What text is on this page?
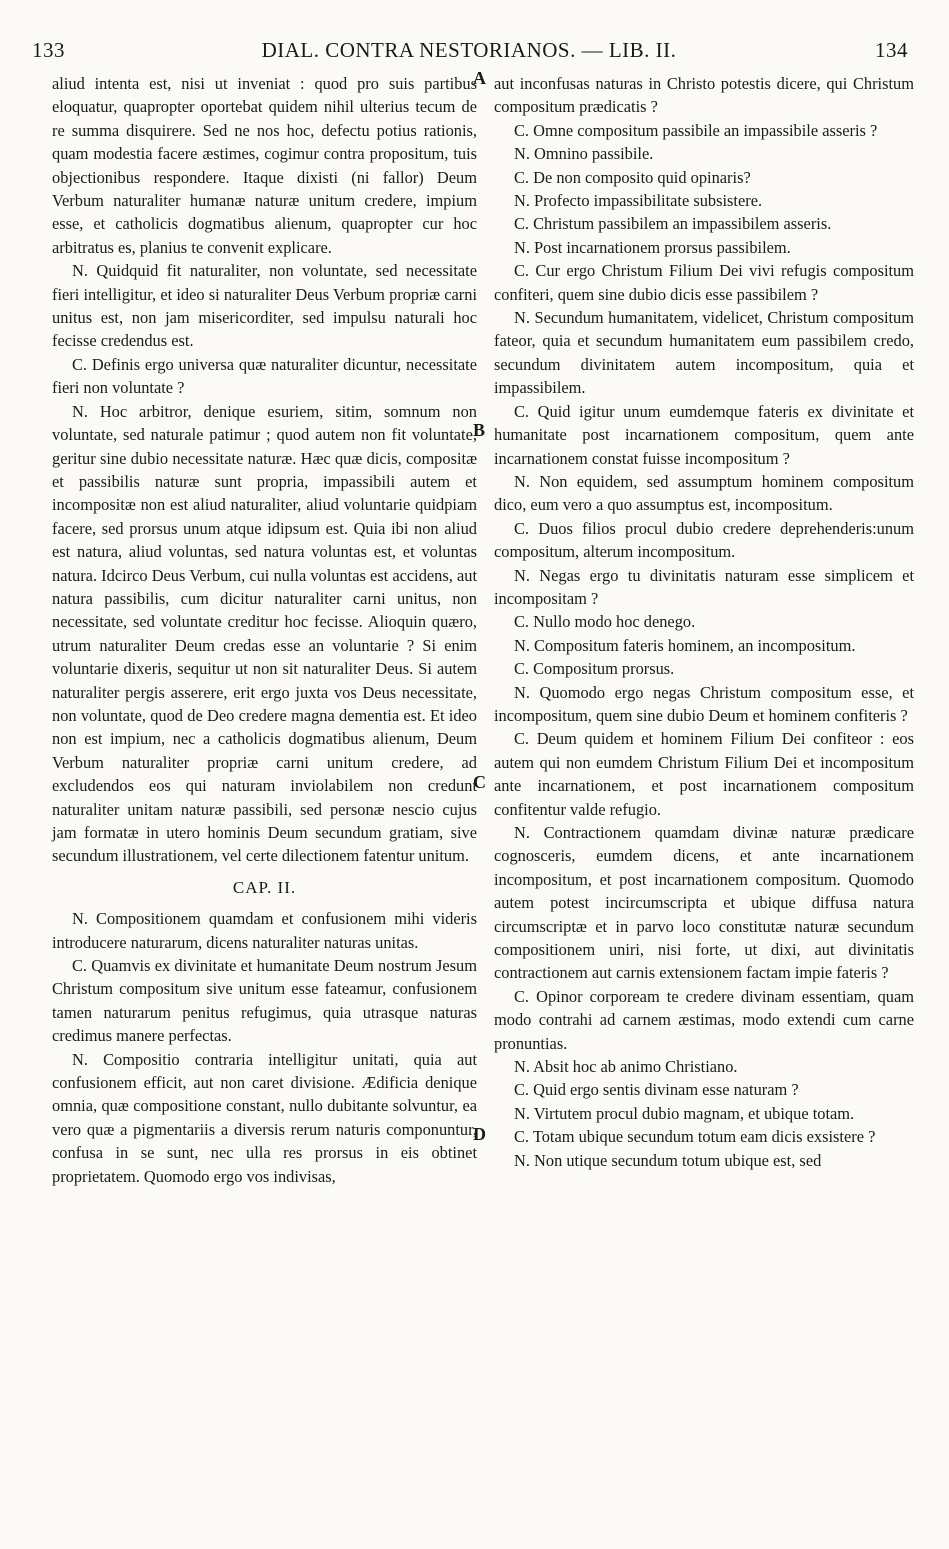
133	DIAL. CONTRA NESTORIANOS. — LIB. II.	134
A
B
C
D

aliud intenta est, nisi ut inveniat : quod pro suis partibus eloquatur, quapropter oportebat quidem nihil ulterius tecum de re summa disquirere. Sed ne nos hoc, defectu potius rationis, quam modestia facere æstimes, cogimur contra propositum, tuis objectionibus respondere. Itaque dixisti (ni fallor) Deum Verbum naturaliter humanæ naturæ unitum credere, impium esse, et catholicis dogmatibus alienum, quapropter cur hoc arbitratus es, planius te convenit explicare.

N. Quidquid fit naturaliter, non voluntate, sed necessitate fieri intelligitur, et ideo si naturaliter Deus Verbum propriæ carni unitus est, non jam misericorditer, sed impulsu naturali hoc fecisse credendus est.

C. Definis ergo universa quæ naturaliter dicuntur, necessitate fieri non voluntate ?

N. Hoc arbitror, denique esuriem, sitim, somnum non voluntate, sed naturale patimur ; quod autem non fit voluntate, geritur sine dubio necessitate naturæ. Hæc quæ dicis, compositæ et passibilis naturæ sunt propria, impassibili autem et incompositæ non est aliud naturaliter, aliud voluntarie quidpiam facere, sed prorsus unum atque idipsum est. Quia ibi non aliud est natura, aliud voluntas, sed natura voluntas est, et voluntas natura. Idcirco Deus Verbum, cui nulla voluntas est accidens, aut natura passibilis, cum dicitur naturaliter carni unitus, non necessitate, sed voluntate creditur hoc fecisse. Alioquin quæro, utrum naturaliter Deum credas esse an voluntarie ? Si enim voluntarie dixeris, sequitur ut non sit naturaliter Deus. Si autem naturaliter pergis asserere, erit ergo juxta vos Deus necessitate, non voluntate, quod de Deo credere magna dementia est. Et ideo non est impium, nec a catholicis dogmatibus alienum, Deum Verbum naturaliter propriæ carni unitum credere, ad excludendos eos qui naturam inviolabilem non credunt naturaliter unitam naturæ passibili, sed personæ nescio cujus jam formatæ in utero hominis Deum secundum gratiam, sive secundum illustrationem, vel certe dilectionem fatentur unitum.

CAP. II.

N. Compositionem quamdam et confusionem mihi videris introducere naturarum, dicens naturaliter naturas unitas.

C. Quamvis ex divinitate et humanitate Deum nostrum Jesum Christum compositum sive unitum esse fateamur, confusionem tamen naturarum penitus refugimus, quia utrasque naturas credimus manere perfectas.

N. Compositio contraria intelligitur unitati, quia aut confusionem efficit, aut non caret divisione. Ædificia denique omnia, quæ compositione constant, nullo dubitante solvuntur, ea vero quæ a pigmentariis a diversis rerum naturis componuntur, confusa in se sunt, nec ulla res prorsus in eis obtinet proprietatem. Quomodo ergo vos indivisas,

aut inconfusas naturas in Christo potestis dicere, qui Christum compositum prædicatis ?

C. Omne compositum passibile an impassibile asseris ?

N. Omnino passibile.

C. De non composito quid opinaris?

N. Profecto impassibilitate subsistere.

C. Christum passibilem an impassibilem asseris.

N. Post incarnationem prorsus passibilem.

C. Cur ergo Christum Filium Dei vivi refugis compositum confiteri, quem sine dubio dicis esse passibilem ?

N. Secundum humanitatem, videlicet, Christum compositum fateor, quia et secundum humanitatem eum passibilem credo, secundum divinitatem autem incompositum, quia et impassibilem.

C. Quid igitur unum eumdemque fateris ex divinitate et humanitate post incarnationem compositum, quem ante incarnationem constat fuisse incompositum ?

N. Non equidem, sed assumptum hominem compositum dico, eum vero a quo assumptus est, incompositum.

C. Duos filios procul dubio credere deprehenderis:unum compositum, alterum incompositum.

N. Negas ergo tu divinitatis naturam esse simplicem et incompositam ?

C. Nullo modo hoc denego.

N. Compositum fateris hominem, an incompositum.

C. Compositum prorsus.

N. Quomodo ergo negas Christum compositum esse, et incompositum, quem sine dubio Deum et hominem confiteris ?

C. Deum quidem et hominem Filium Dei confiteor : eos autem qui non eumdem Christum Filium Dei et incompositum ante incarnationem, et post incarnationem compositum confitentur valde refugio.

N. Contractionem quamdam divinæ naturæ prædicare cognosceris, eumdem dicens, et ante incarnationem incompositum, et post incarnationem compositum. Quomodo autem potest incircumscripta et ubique diffusa natura circumscriptæ et in parvo loco constitutæ naturæ secundum compositionem uniri, nisi forte, ut dixi, aut divinitatis contractionem aut carnis extensionem factam impie fateris ?

C. Opinor corpoream te credere divinam essentiam, quam modo contrahi ad carnem æstimas, modo extendi cum carne pronuntias.

N. Absit hoc ab animo Christiano.

C. Quid ergo sentis divinam esse naturam ?

N. Virtutem procul dubio magnam, et ubique totam.

C. Totam ubique secundum totum eam dicis exsistere ?

N. Non utique secundum totum ubique est, sed
